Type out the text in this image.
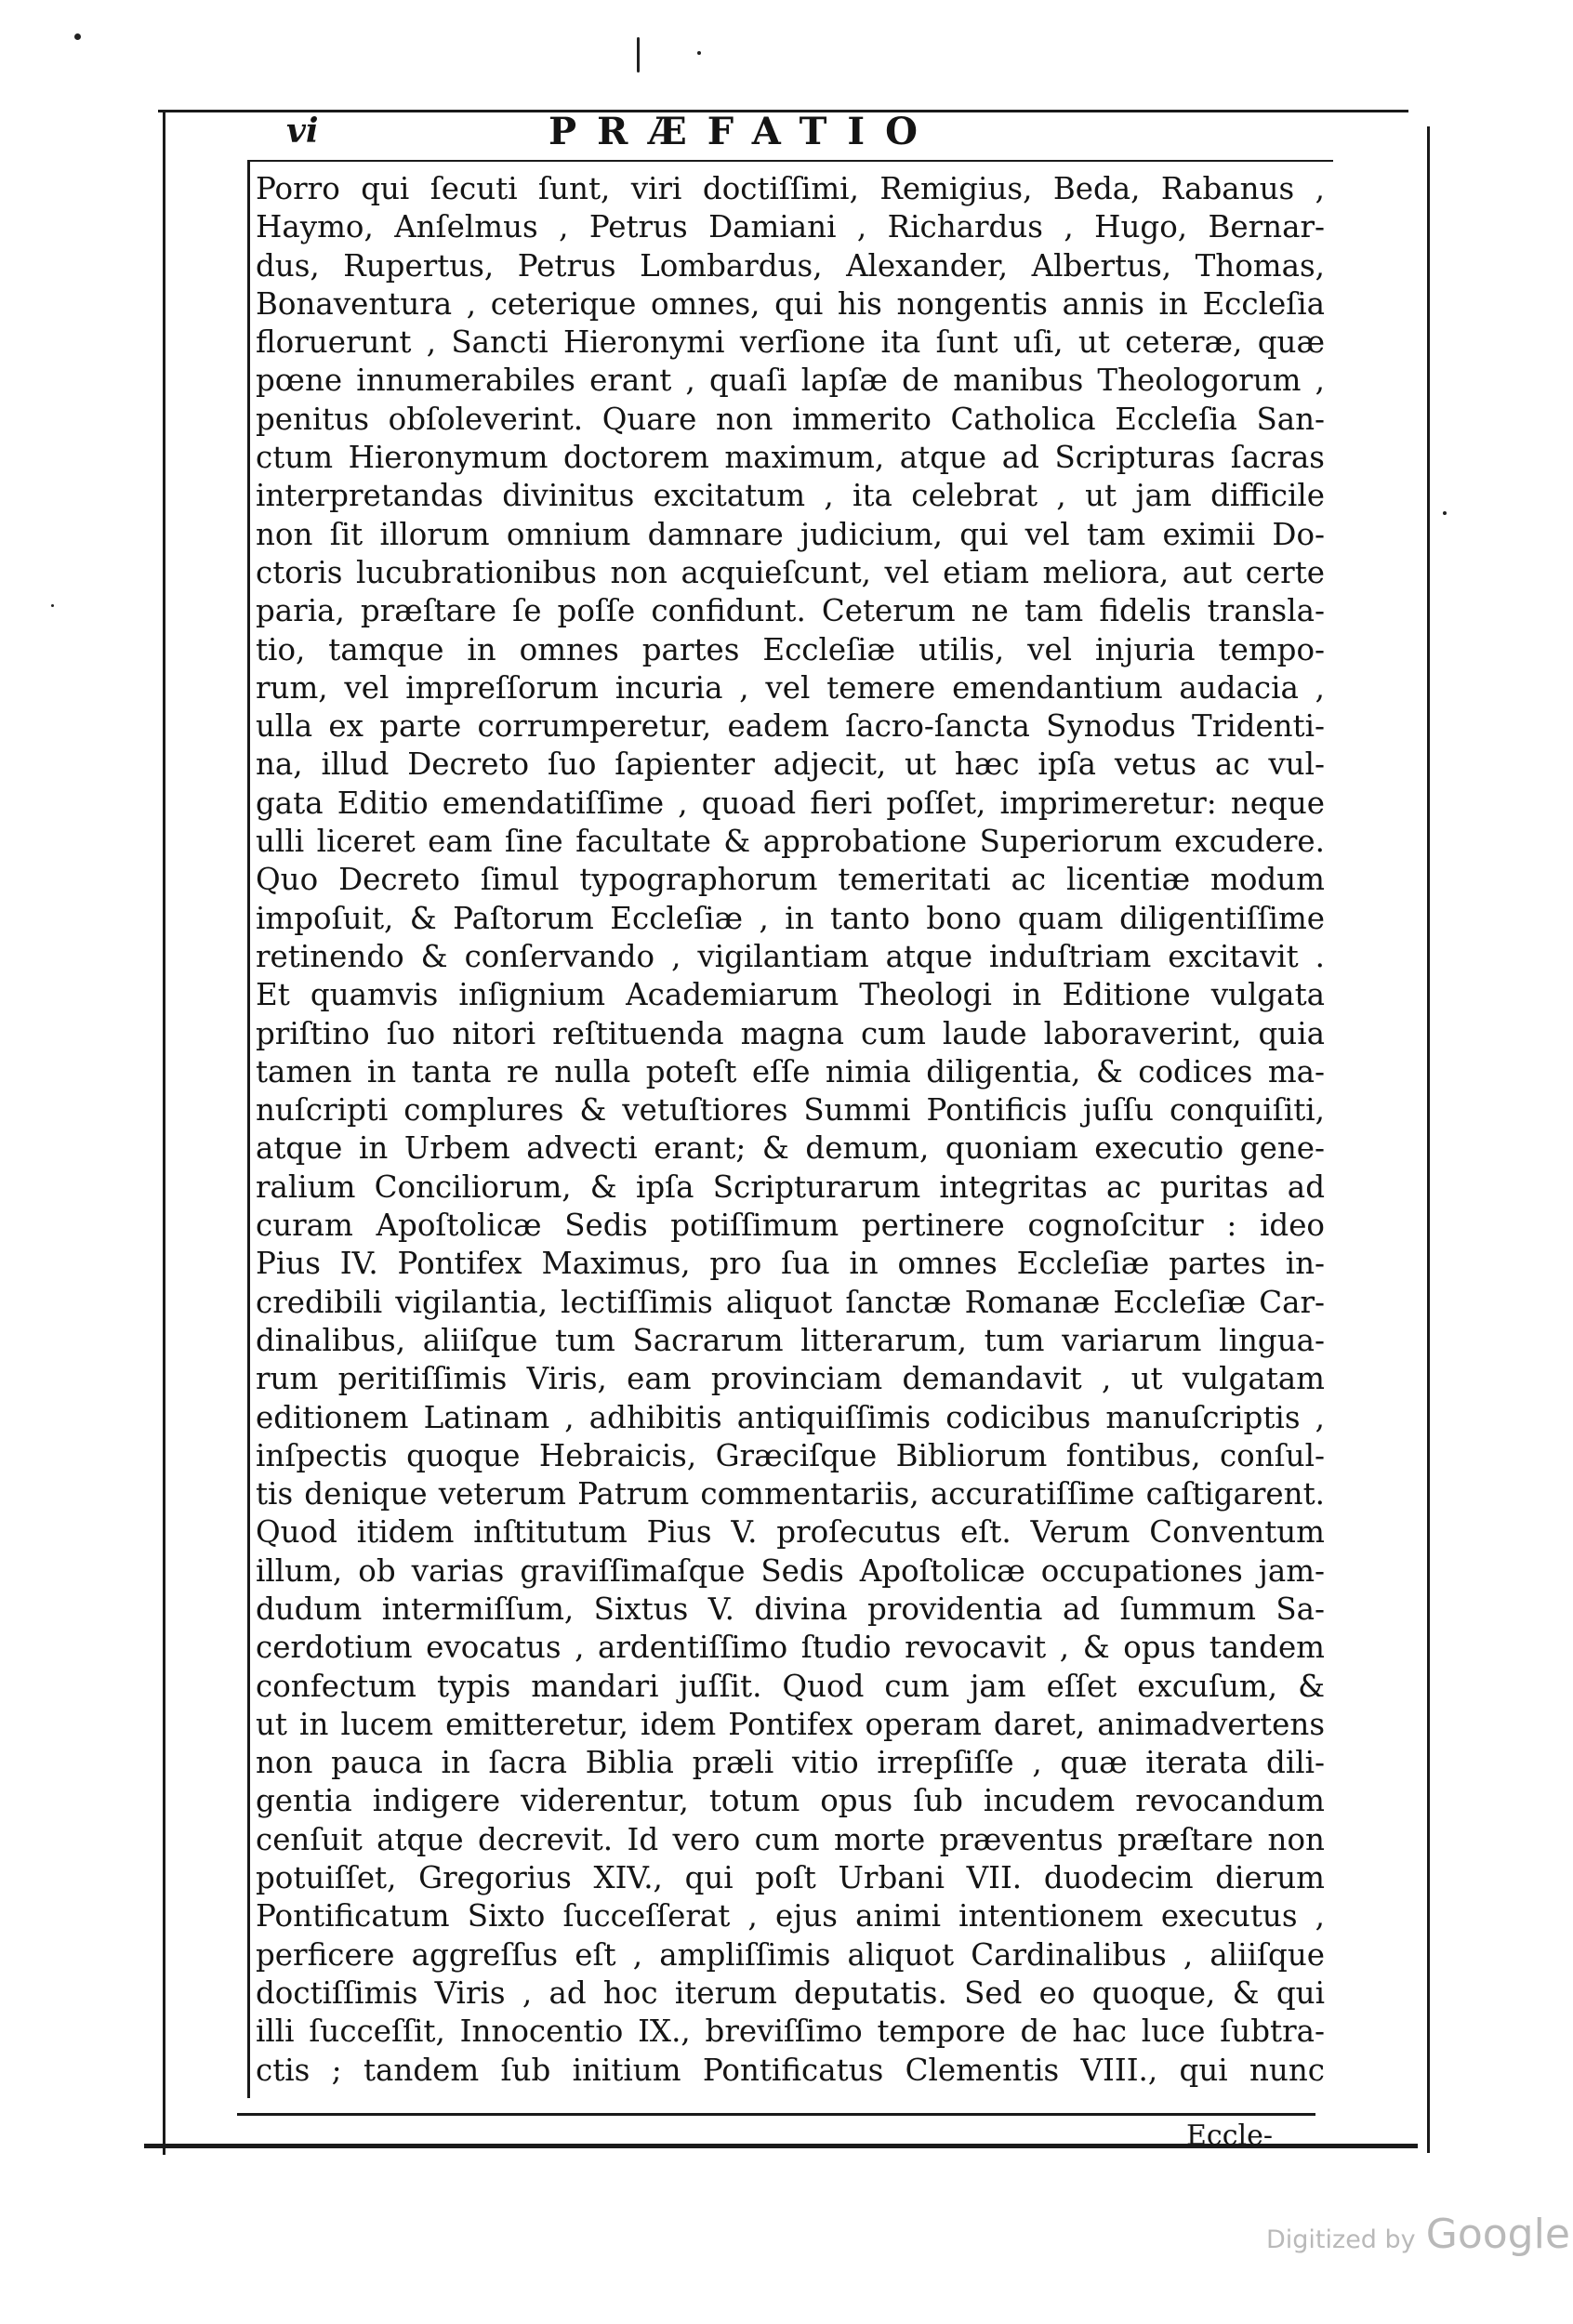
vi	PRÆFATIO
Porro qui ſecuti ſunt, viri doctiſſimi, Remigius, Beda, Rabanus ,
Haymo, Anſelmus , Petrus Damiani , Richardus , Hugo, Bernar-
dus, Rupertus, Petrus Lombardus, Alexander, Albertus, Thomas,
Bonaventura , ceterique omnes, qui his nongentis annis in Eccleſia
floruerunt , Sancti Hieronymi verſione ita ſunt uſi, ut ceteræ, quæ
pœne innumerabiles erant , quaſi lapſæ de manibus Theologorum ,
penitus obſoleverint. Quare non immerito Catholica Eccleſia San-
ctum Hieronymum doctorem maximum, atque ad Scripturas ſacras
interpretandas divinitus excitatum , ita celebrat , ut jam difficile
non ſit illorum omnium damnare judicium, qui vel tam eximii Do-
ctoris lucubrationibus non acquieſcunt, vel etiam meliora, aut certe
paria, præſtare ſe poſſe confidunt. Ceterum ne tam fidelis transla-
tio, tamque in omnes partes Eccleſiæ utilis, vel injuria tempo-
rum, vel impreſſorum incuria , vel temere emendantium audacia ,
ulla ex parte corrumperetur, eadem ſacro-ſancta Synodus Tridenti-
na, illud Decreto ſuo ſapienter adjecit, ut hæc ipſa vetus ac vul-
gata Editio emendatiſſime , quoad fieri poſſet, imprimeretur: neque
ulli liceret eam ſine facultate & approbatione Superiorum excudere.
Quo Decreto ſimul typographorum temeritati ac licentiæ modum
impoſuit, & Paſtorum Eccleſiæ , in tanto bono quam diligentiſſime
retinendo & conſervando , vigilantiam atque induſtriam excitavit .
Et quamvis inſignium Academiarum Theologi in Editione vulgata
priſtino ſuo nitori reſtituenda magna cum laude laboraverint, quia
tamen in tanta re nulla poteſt eſſe nimia diligentia, & codices ma-
nuſcripti complures & vetuſtiores Summi Pontificis juſſu conquiſiti,
atque in Urbem advecti erant; & demum, quoniam executio gene-
ralium Conciliorum, & ipſa Scripturarum integritas ac puritas ad
curam Apoſtolicæ Sedis potiſſimum pertinere cognoſcitur : ideo
Pius IV. Pontifex Maximus, pro ſua in omnes Eccleſiæ partes in-
credibili vigilantia, lectiſſimis aliquot ſanctæ Romanæ Eccleſiæ Car-
dinalibus, aliiſque tum Sacrarum litterarum, tum variarum lingua-
rum peritiſſimis Viris, eam provinciam demandavit , ut vulgatam
editionem Latinam , adhibitis antiquiſſimis codicibus manuſcriptis ,
inſpectis quoque Hebraicis, Græciſque Bibliorum fontibus, conſul-
tis denique veterum Patrum commentariis, accuratiſſime caſtigarent.
Quod itidem inſtitutum Pius V. proſecutus eſt. Verum Conventum
illum, ob varias graviſſimaſque Sedis Apoſtolicæ occupationes jam-
dudum intermiſſum, Sixtus V. divina providentia ad ſummum Sa-
cerdotium evocatus , ardentiſſimo ſtudio revocavit , & opus tandem
confectum typis mandari juſſit. Quod cum jam eſſet excuſum, &
ut in lucem emitteretur, idem Pontifex operam daret, animadvertens
non pauca in ſacra Biblia præli vitio irrepſiſſe , quæ iterata dili-
gentia indigere viderentur, totum opus ſub incudem revocandum
cenſuit atque decrevit. Id vero cum morte præventus præſtare non
potuiſſet, Gregorius XIV., qui poſt Urbani VII. duodecim dierum
Pontificatum Sixto ſucceſſerat , ejus animi intentionem executus ,
perficere aggreſſus eſt , ampliſſimis aliquot Cardinalibus , aliiſque
doctiſſimis Viris , ad hoc iterum deputatis. Sed eo quoque, & qui
illi ſucceſſit, Innocentio IX., breviſſimo tempore de hac luce ſubtra-
ctis ; tandem ſub initium Pontificatus Clementis VIII., qui nunc
Eccle-
Digitized by Google
